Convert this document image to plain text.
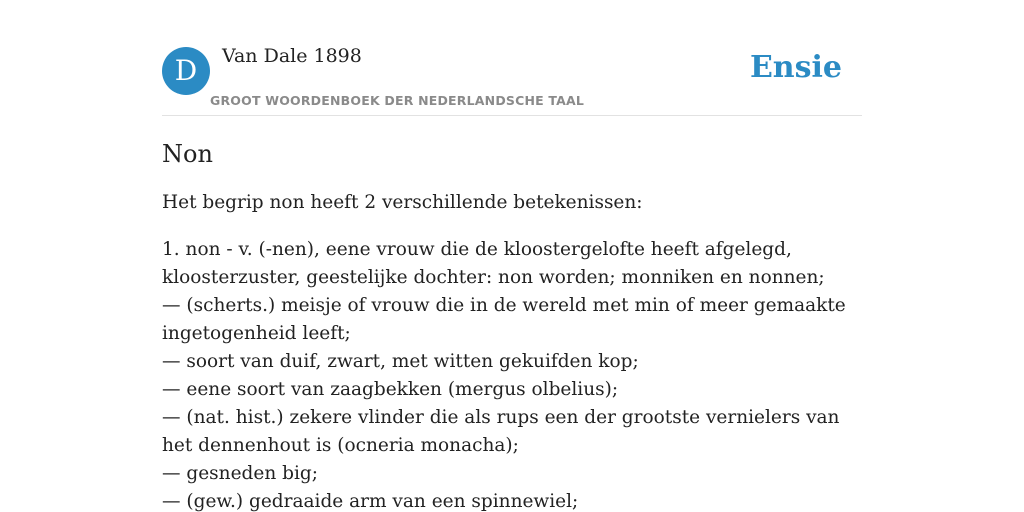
D	Van Dale 1898
GROOT WOORDENBOEK DER NEDERLANDSCHE TAAL
Ensie
Non

Het begrip non heeft 2 verschillende betekenissen:

1. non - v. (-nen), eene vrouw die de kloostergelofte heeft afgelegd, kloosterzuster, geestelijke dochter: non worden; monniken en nonnen;
— (scherts.) meisje of vrouw die in de wereld met min of meer gemaakte ingetogenheid leeft;
— soort van duif, zwart, met witten gekuifden kop;
— eene soort van zaagbekken (mergus olbelius);
— (nat. hist.) zekere vlinder die als rups een der grootste vernielers van het dennenhout is (ocneria monacha);
— gesneden big;
— (gew.) gedraaide arm van een spinnewiel;
